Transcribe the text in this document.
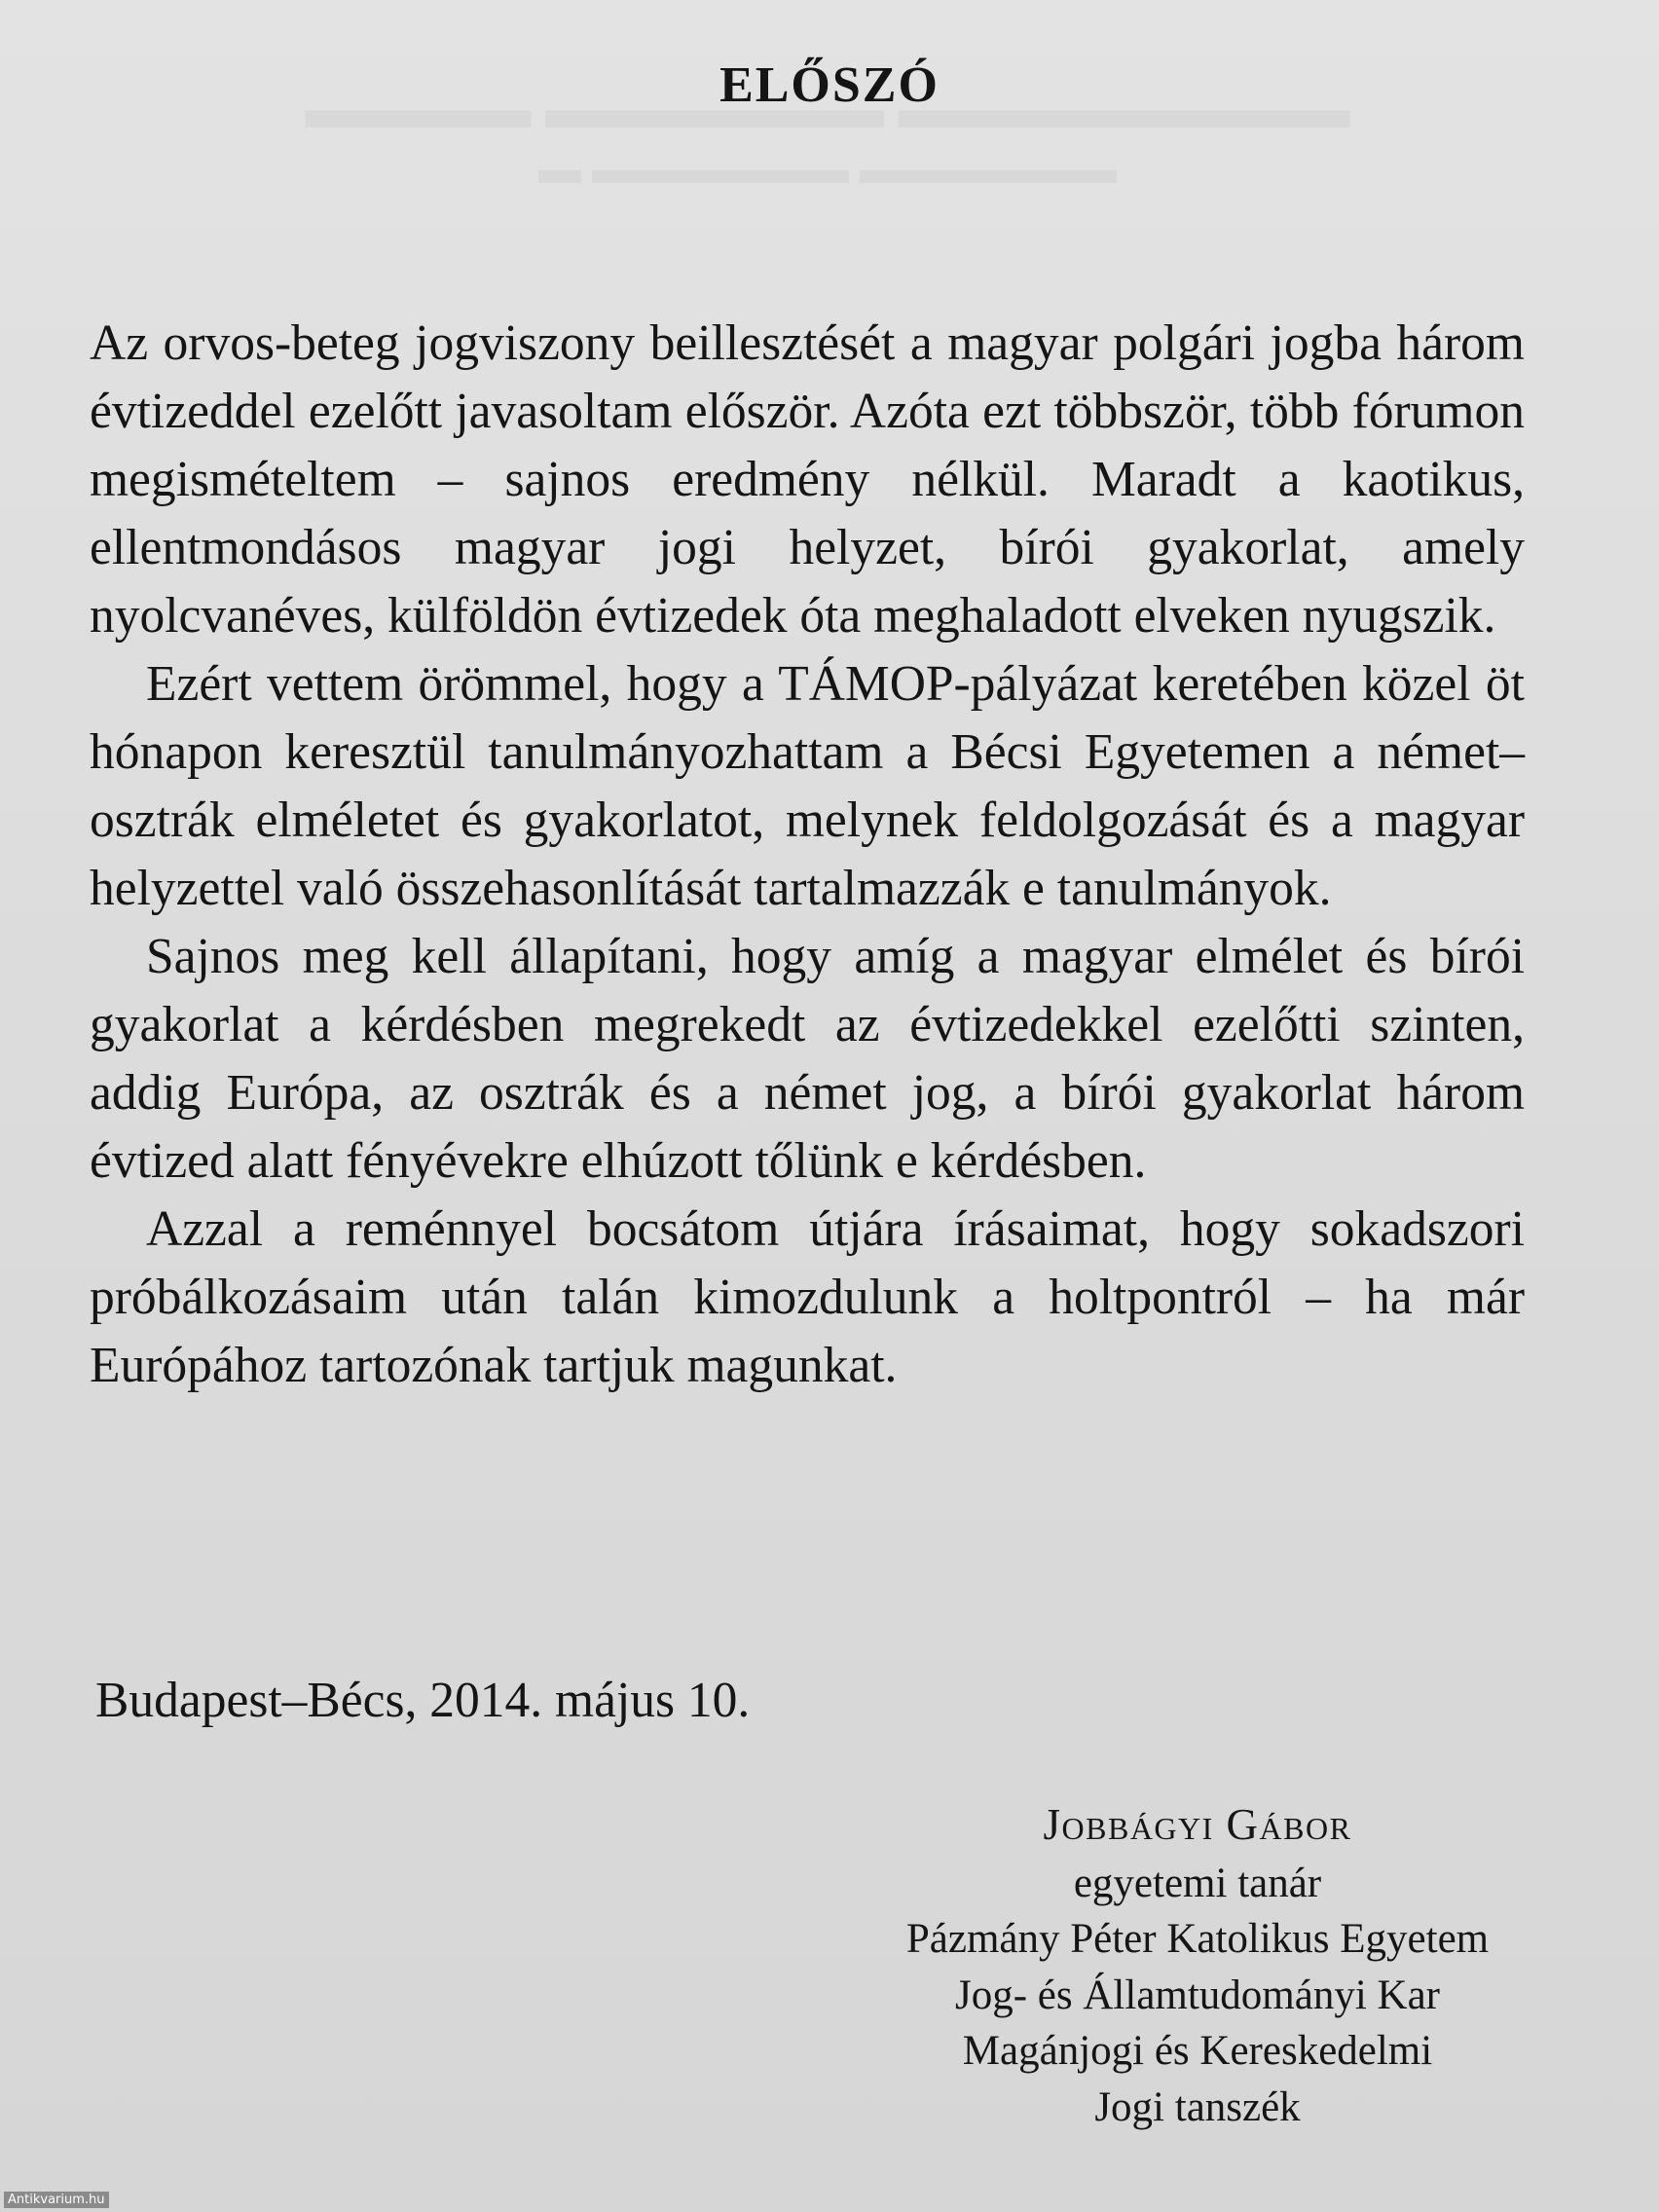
ELŐSZÓ

Az orvos-beteg jogviszony beillesztését a magyar polgári jogba három évtizeddel ezelőtt javasoltam először. Azóta ezt többször, több fórumon megismételtem – sajnos eredmény nélkül. Maradt a kaotikus, ellentmondásos magyar jogi helyzet, bírói gyakorlat, amely nyolcvanéves, külföldön évtizedek óta meghaladott elveken nyugszik.

Ezért vettem örömmel, hogy a TÁMOP-pályázat keretében közel öt hónapon keresztül tanulmányozhattam a Bécsi Egyetemen a német–osztrák elméletet és gyakorlatot, melynek feldolgozását és a magyar helyzettel való összehasonlítását tartalmazzák e tanulmányok.

Sajnos meg kell állapítani, hogy amíg a magyar elmélet és bírói gyakorlat a kérdésben megrekedt az évtizedekkel ezelőtti szinten, addig Európa, az osztrák és a német jog, a bírói gyakorlat három évtized alatt fényévekre elhúzott tőlünk e kérdésben.

Azzal a reménnyel bocsátom útjára írásaimat, hogy sokadszori próbálkozásaim után talán kimozdulunk a holtpontról – ha már Európához tartozónak tartjuk magunkat.

Budapest–Bécs, 2014. május 10.

Jobbágyi Gábor
egyetemi tanár
Pázmány Péter Katolikus Egyetem
Jog- és Államtudományi Kar
Magánjogi és Kereskedelmi
Jogi tanszék
Antikvarium.hu
